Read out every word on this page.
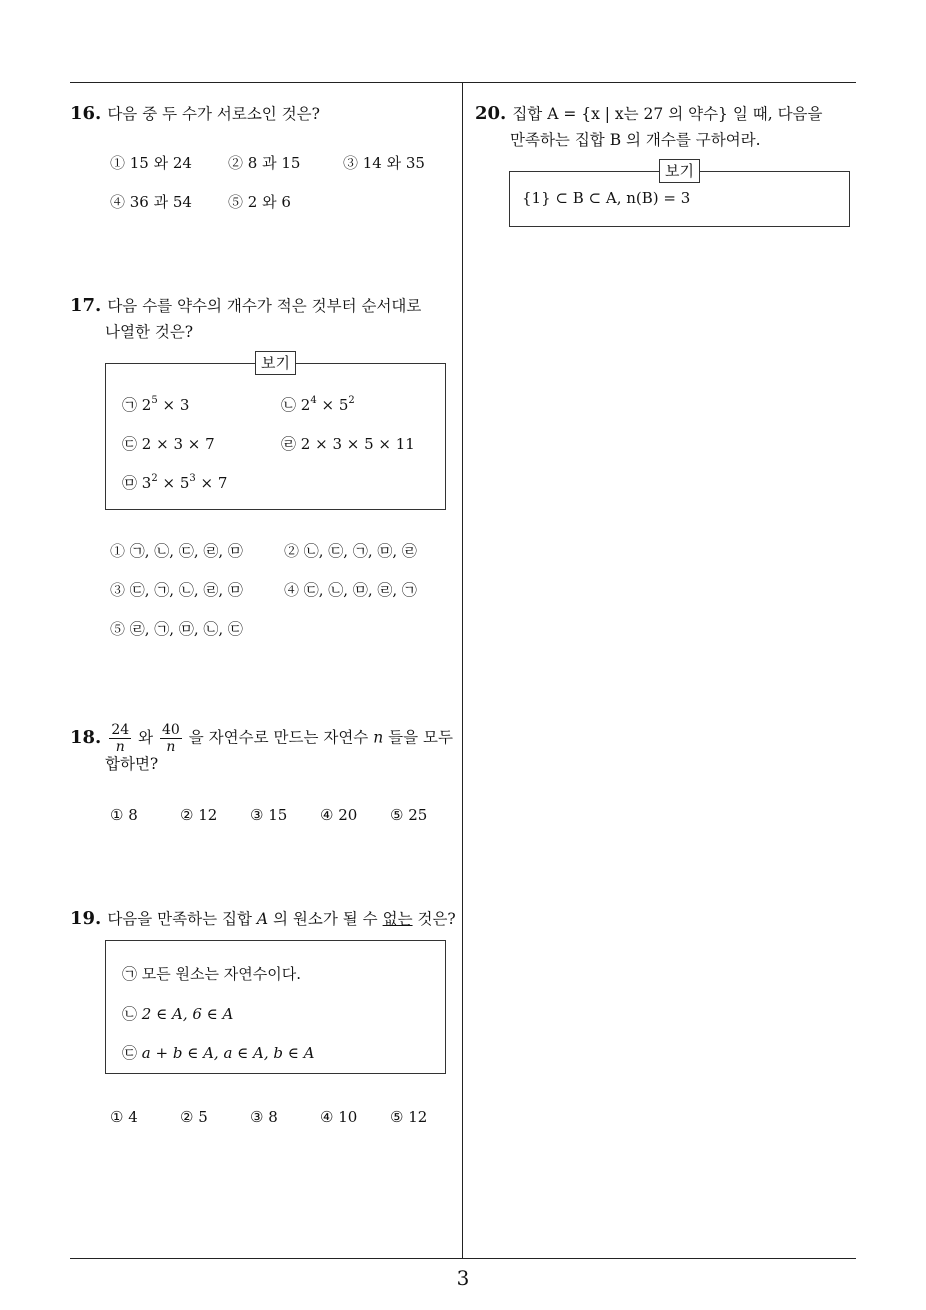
3
16. 다음 중 두 수가 서로소인 것은?
① 15 와 24 ② 8 과 15	③ 14 와 35
④ 36 과 54 ⑤ 2 와 6
17. 다음 수를 약수의 개수가 적은 것부터 순서대로
나열한 것은?
보기
㉠ $2^5 \times 3$	㉡ $2^4 \times 5^2$
㉢ 2 × 3 × 7	㉣ 2 × 3 × 5 × 11
㉤ $3^2 \times 5^3 \times 7$
① ㉠, ㉡, ㉢, ㉣, ㉤	② ㉡, ㉢, ㉠, ㉤, ㉣
③ ㉢, ㉠, ㉡, ㉣, ㉤	④ ㉢, ㉡, ㉤, ㉣, ㉠
⑤ ㉣, ㉠, ㉤, ㉡, ㉢
18. $\frac{24}{n}$ 와 $\frac{40}{n}$ 을 자연수로 만드는 자연수 n 들을 모두
합하면?
① 8	② 12 ③ 15 ④ 20 ⑤ 25
19. 다음을 만족하는 집합 A 의 원소가 될 수 없는 것은?
㉠ 모든 원소는 자연수이다.
㉡ 2 ∈ A, 6 ∈ A
㉢ a + b ∈ A, a ∈ A, b ∈ A
① 4	② 5	③ 8	④ 10 ⑤ 12
20. 집합 A = {x | x는 27 의 약수} 일 때, 다음을
만족하는 집합 B 의 개수를 구하여라.
보기
{1} ⊂ B ⊂ A, n(B) = 3
